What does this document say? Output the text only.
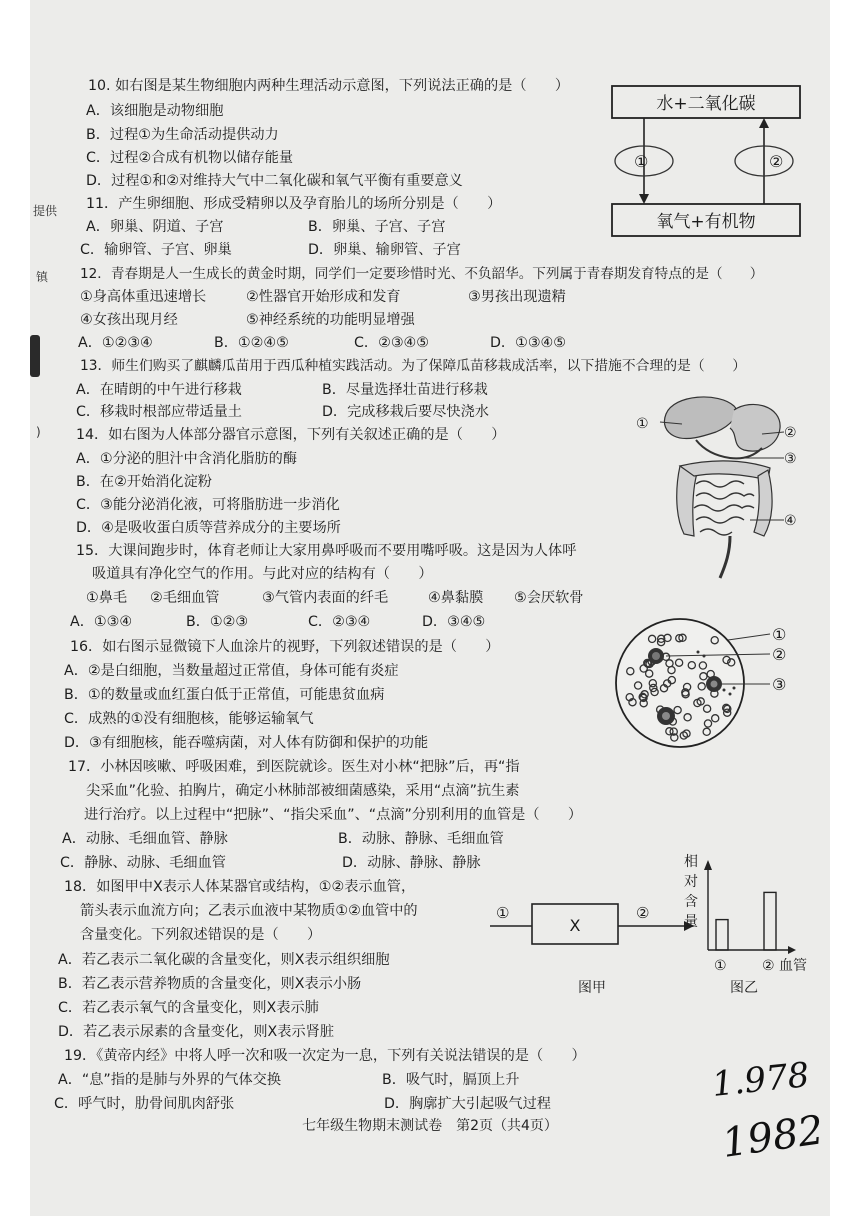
提供
镇
)
10. 如右图是某生物细胞内两种生理活动示意图，下列说法正确的是（　　）
A．该细胞是动物细胞
B．过程①为生命活动提供动力
C．过程②合成有机物以储存能量
D．过程①和②对维持大气中二氧化碳和氧气平衡有重要意义
11．产生卵细胞、形成受精卵以及孕育胎儿的场所分别是（　　）
A．卵巢、阴道、子宫	B．卵巢、子宫、子宫
C．输卵管、子宫、卵巢	D．卵巢、输卵管、子宫
12．青春期是人一生成长的黄金时期，同学们一定要珍惜时光、不负韶华。下列属于青春期发育特点的是（　　）
①身高体重迅速增长	②性器官开始形成和发育	③男孩出现遗精
④女孩出现月经	⑤神经系统的功能明显增强
A．①②③④	B．①②④⑤	C．②③④⑤	D．①③④⑤
13．师生们购买了麒麟瓜苗用于西瓜种植实践活动。为了保障瓜苗移栽成活率，以下措施不合理的是（　　）
A．在晴朗的中午进行移栽	B．尽量选择壮苗进行移栽
C．移栽时根部应带适量土	D．完成移栽后要尽快浇水
14．如右图为人体部分器官示意图，下列有关叙述正确的是（　　）
A．①分泌的胆汁中含消化脂肪的酶
B．在②开始消化淀粉
C．③能分泌消化液，可将脂肪进一步消化
D．④是吸收蛋白质等营养成分的主要场所
15．大课间跑步时，体育老师让大家用鼻呼吸而不要用嘴呼吸。这是因为人体呼
吸道具有净化空气的作用。与此对应的结构有（　　）
①鼻毛 ②毛细血管	③气管内表面的纤毛	④鼻黏膜 ⑤会厌软骨
A．①③④	B．①②③	C．②③④	D．③④⑤
16．如右图示显微镜下人血涂片的视野，下列叙述错误的是（　　）
A．②是白细胞，当数量超过正常值，身体可能有炎症
B．①的数量或血红蛋白低于正常值，可能患贫血病
C．成熟的①没有细胞核，能够运输氧气
D．③有细胞核，能吞噬病菌，对人体有防御和保护的功能
17．小林因咳嗽、呼吸困难，到医院就诊。医生对小林“把脉”后，再“指
尖采血”化验、拍胸片，确定小林肺部被细菌感染，采用“点滴”抗生素
进行治疗。以上过程中“把脉”、“指尖采血”、“点滴”分别利用的血管是（　　）
A．动脉、毛细血管、静脉	B．动脉、静脉、毛细血管
C．静脉、动脉、毛细血管	D．动脉、静脉、静脉
18．如图甲中X表示人体某器官或结构，①②表示血管，
箭头表示血流方向；乙表示血液中某物质①②血管中的
含量变化。下列叙述错误的是（　　）
A．若乙表示二氧化碳的含量变化，则X表示组织细胞
B．若乙表示营养物质的含量变化，则X表示小肠
C．若乙表示氧气的含量变化，则X表示肺
D．若乙表示尿素的含量变化，则X表示肾脏
19．《黄帝内经》中将人呼一次和吸一次定为一息，下列有关说法错误的是（　　）
A．“息”指的是肺与外界的气体交换	B．吸气时，膈顶上升
C．呼气时，肋骨间肌肉舒张	D．胸廓扩大引起吸气过程
水+二氧化碳
氧气+有机物
①	②
①
②
③
④
①
②
③
①
X
②
图甲
相
对
含
量
①	② 血管
图乙
七年级生物期末测试卷　第2页（共4页）
1.978
1982
